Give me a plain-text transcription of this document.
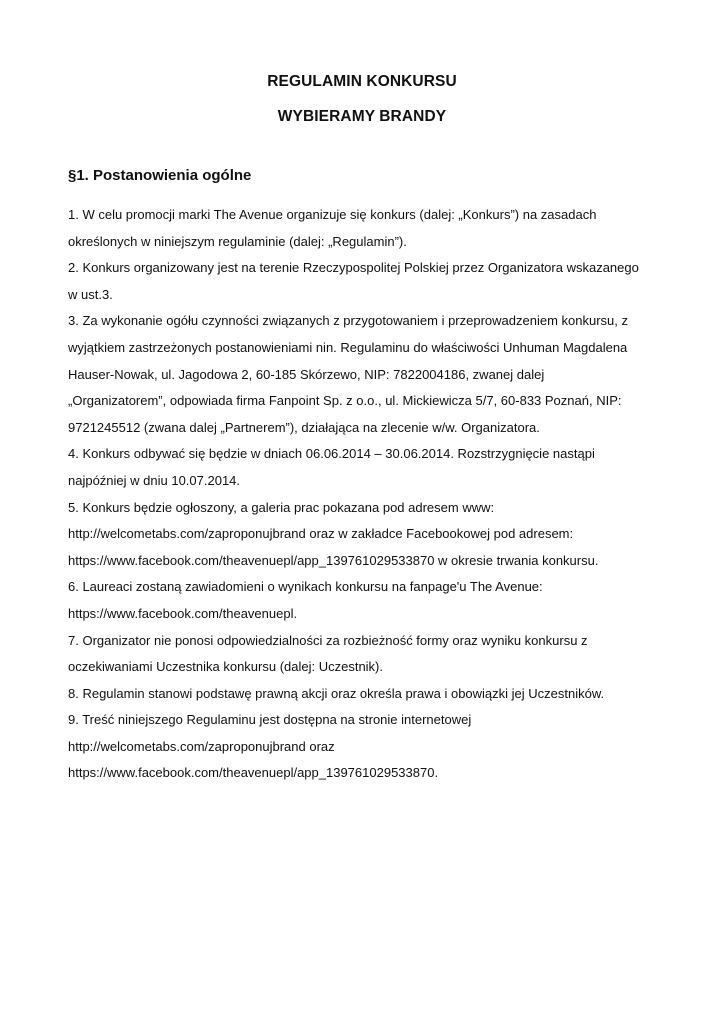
REGULAMIN KONKURSU
WYBIERAMY BRANDY
§1. Postanowienia ogólne
1. W celu promocji marki The Avenue organizuje się konkurs (dalej: „Konkurs”) na zasadach
określonych w niniejszym regulaminie (dalej: „Regulamin”).
2. Konkurs organizowany jest na terenie Rzeczypospolitej Polskiej przez Organizatora wskazanego
w ust.3.
3. Za wykonanie ogółu czynności związanych z przygotowaniem i przeprowadzeniem konkursu, z
wyjątkiem zastrzeżonych postanowieniami nin. Regulaminu do właściwości Unhuman Magdalena
Hauser-Nowak, ul. Jagodowa 2, 60-185 Skórzewo, NIP: 7822004186, zwanej dalej
„Organizatorem”, odpowiada firma Fanpoint Sp. z o.o., ul. Mickiewicza 5/7, 60-833 Poznań, NIP:
9721245512 (zwana dalej „Partnerem”), działająca na zlecenie w/w. Organizatora.
4. Konkurs odbywać się będzie w dniach 06.06.2014 – 30.06.2014. Rozstrzygnięcie nastąpi
najpóźniej w dniu 10.07.2014.
5. Konkurs będzie ogłoszony, a galeria prac pokazana pod adresem www:
http://welcometabs.com/zaproponujbrand oraz w zakładce Facebookowej pod adresem:
https://www.facebook.com/theavenuepl/app_139761029533870 w okresie trwania konkursu.
6. Laureaci zostaną zawiadomieni o wynikach konkursu na fanpage'u The Avenue:
https://www.facebook.com/theavenuepl.
7. Organizator nie ponosi odpowiedzialności za rozbieżność formy oraz wyniku konkursu z
oczekiwaniami Uczestnika konkursu (dalej: Uczestnik).
8. Regulamin stanowi podstawę prawną akcji oraz określa prawa i obowiązki jej Uczestników.
9. Treść niniejszego Regulaminu jest dostępna na stronie internetowej
http://welcometabs.com/zaproponujbrand oraz
https://www.facebook.com/theavenuepl/app_139761029533870.
